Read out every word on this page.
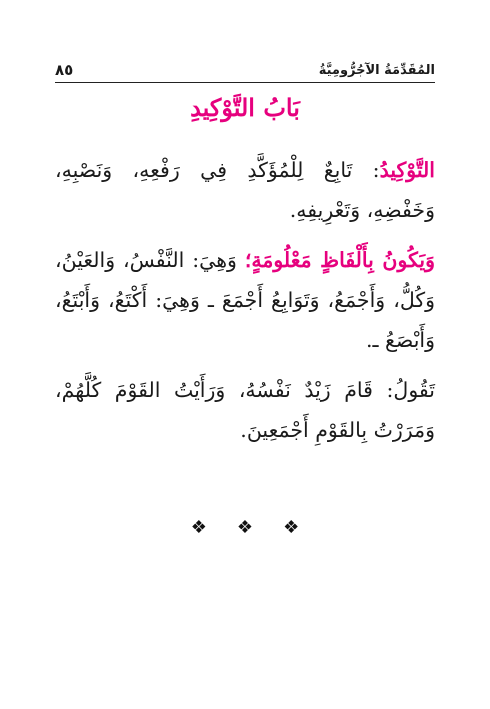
٨٥	المُقَدِّمَةُ الآجُرُّومِيَّةُ
بَابُ التَّوْكِيدِ

التَّوْكِيدُ: تَابِعٌ لِلْمُؤَكَّدِ فِي رَفْعِهِ، وَنَصْبِهِ، وَخَفْضِهِ، وَتَعْرِيفِهِ.

وَيَكُونُ بِأَلْفَاظٍ مَعْلُومَةٍ؛ وَهِيَ: النَّفْسُ، وَالعَيْنُ، وَكُلُّ، وَأَجْمَعُ، وَتَوَابِعُ أَجْمَعَ ـ وَهِيَ: أَكْتَعُ، وَأَبْتَعُ، وَأَبْصَعُ ـ.

تَقُولُ: قَامَ زَيْدٌ نَفْسُهُ، وَرَأَيْتُ القَوْمَ كُلَّهُمْ، وَمَرَرْتُ بِالقَوْمِ أَجْمَعِينَ.

❖ ❖ ❖
